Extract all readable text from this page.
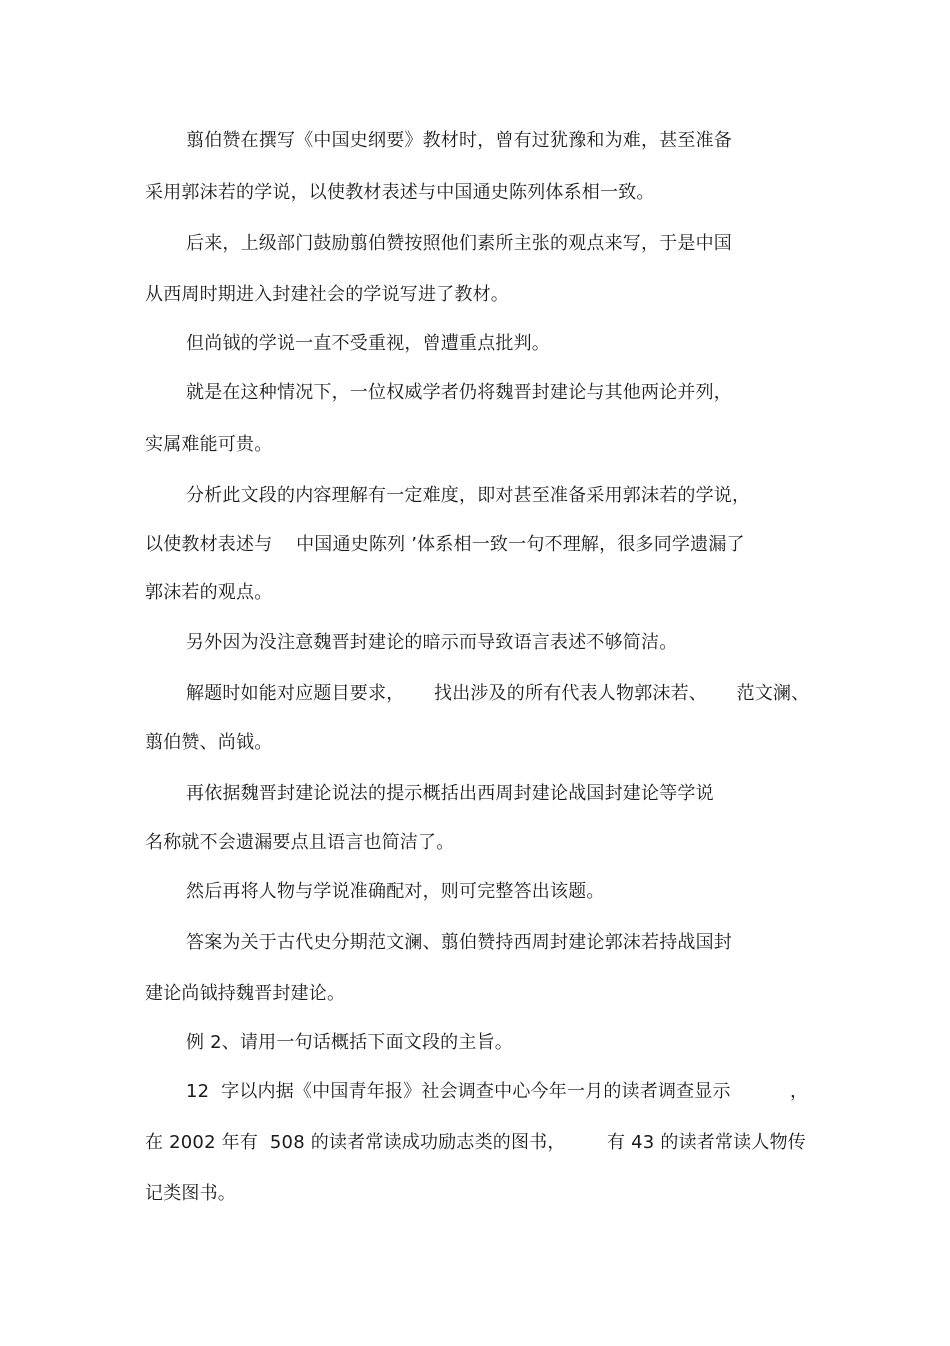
翦伯赞在撰写《中国史纲要》教材时，曾有过犹豫和为难，甚至准备
采用郭沫若的学说，以使教材表述与中国通史陈列体系相一致。
后来，上级部门鼓励翦伯赞按照他们素所主张的观点来写，于是中国
从西周时期进入封建社会的学说写进了教材。
但尚钺的学说一直不受重视，曾遭重点批判。
就是在这种情况下，一位权威学者仍将魏晋封建论与其他两论并列，
实属难能可贵。
分析此文段的内容理解有一定难度，即对甚至准备采用郭沫若的学说，
以使教材表述与    中国通史陈列 ’体系相一致一句不理解，很多同学遗漏了
郭沫若的观点。
另外因为没注意魏晋封建论的暗示而导致语言表述不够简洁。
解题时如能对应题目要求，     找出涉及的所有代表人物郭沫若、     范文澜、
翦伯赞、尚钺。
再依据魏晋封建论说法的提示概括出西周封建论战国封建论等学说
名称就不会遗漏要点且语言也简洁了。
然后再将人物与学说准确配对，则可完整答出该题。
答案为关于古代史分期范文澜、翦伯赞持西周封建论郭沫若持战国封
建论尚钺持魏晋封建论。
例 2、请用一句话概括下面文段的主旨。
12  字以内据《中国青年报》社会调查中心今年一月的读者调查显示          ，
在 2002 年有  508 的读者常读成功励志类的图书，       有 43 的读者常读人物传
记类图书。
